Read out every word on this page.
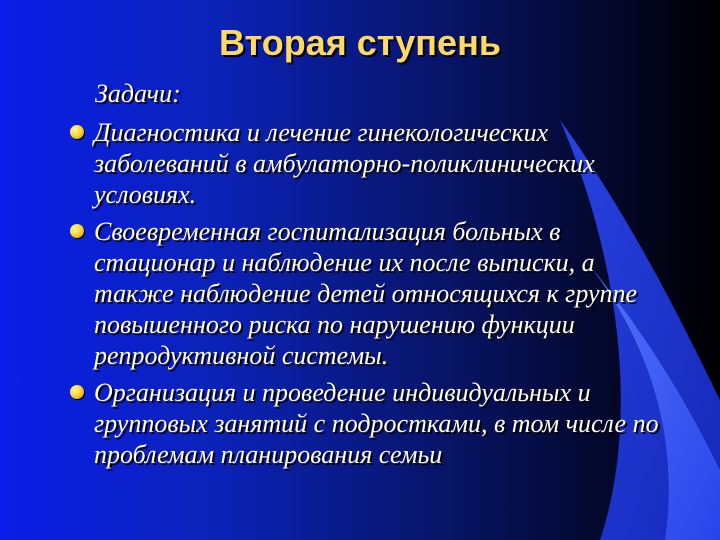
Вторая ступень
Задачи:
Диагностика и лечение гинекологических заболеваний в амбулаторно-поликлинических условиях.
Своевременная госпитализация больных в стационар и наблюдение их после выписки, а также наблюдение детей относящихся к группе повышенного риска по нарушению функции репродуктивной системы.
Организация и проведение индивидуальных и групповых занятий с подростками, в том числе по проблемам планирования семьи
